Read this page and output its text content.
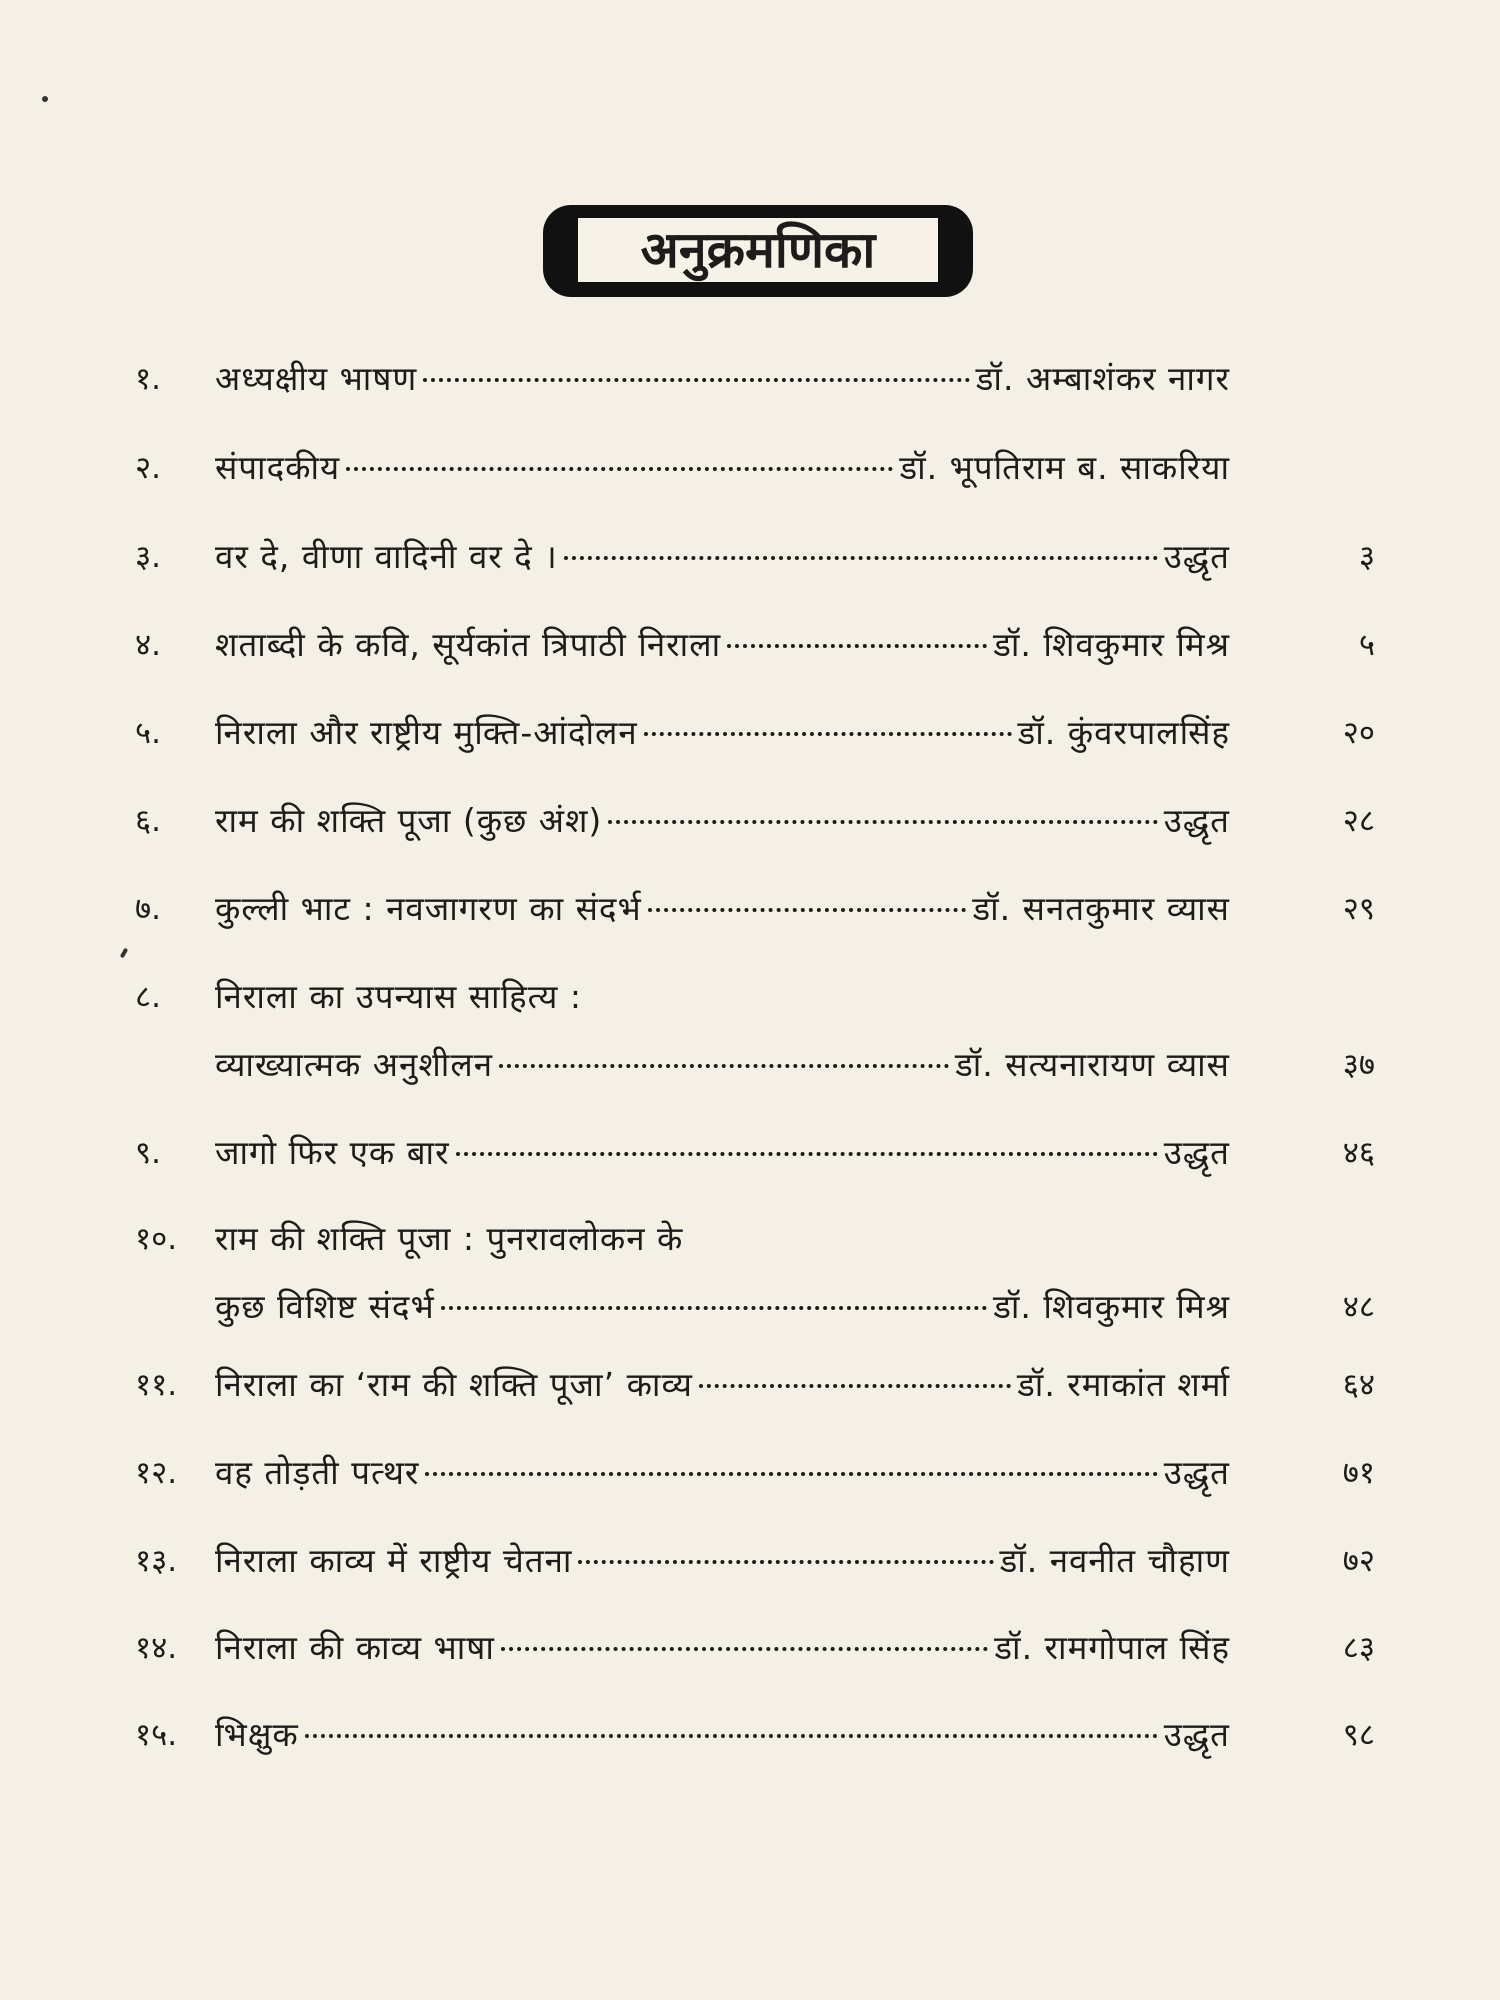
अनुक्रमणिका
१.	अध्यक्षीय भाषण	डॉ. अम्बाशंकर नागर
२.	संपादकीय	डॉ. भूपतिराम ब. साकरिया
३.	वर दे, वीणा वादिनी वर दे ।	उद्धृत	३
४.	शताब्दी के कवि, सूर्यकांत त्रिपाठी निराला	डॉ. शिवकुमार मिश्र	५
५.	निराला और राष्ट्रीय मुक्ति-आंदोलन	डॉ. कुंवरपालसिंह	२०
६.	राम की शक्ति पूजा (कुछ अंश)	उद्धृत	२८
७.	कुल्ली भाट : नवजागरण का संदर्भ	डॉ. सनतकुमार व्यास	२९
८.	निराला का उपन्यास साहित्य :
व्याख्यात्मक अनुशीलन	डॉ. सत्यनारायण व्यास	३७
९.	जागो फिर एक बार	उद्धृत	४६
१०.	राम की शक्ति पूजा : पुनरावलोकन के
कुछ विशिष्ट संदर्भ	डॉ. शिवकुमार मिश्र	४८
११.	निराला का ‘राम की शक्ति पूजा’ काव्य	डॉ. रमाकांत शर्मा	६४
१२.	वह तोड़ती पत्थर	उद्धृत	७१
१३.	निराला काव्य में राष्ट्रीय चेतना	डॉ. नवनीत चौहाण	७२
१४.	निराला की काव्य भाषा	डॉ. रामगोपाल सिंह	८३
१५.	भिक्षुक	उद्धृत	९८
